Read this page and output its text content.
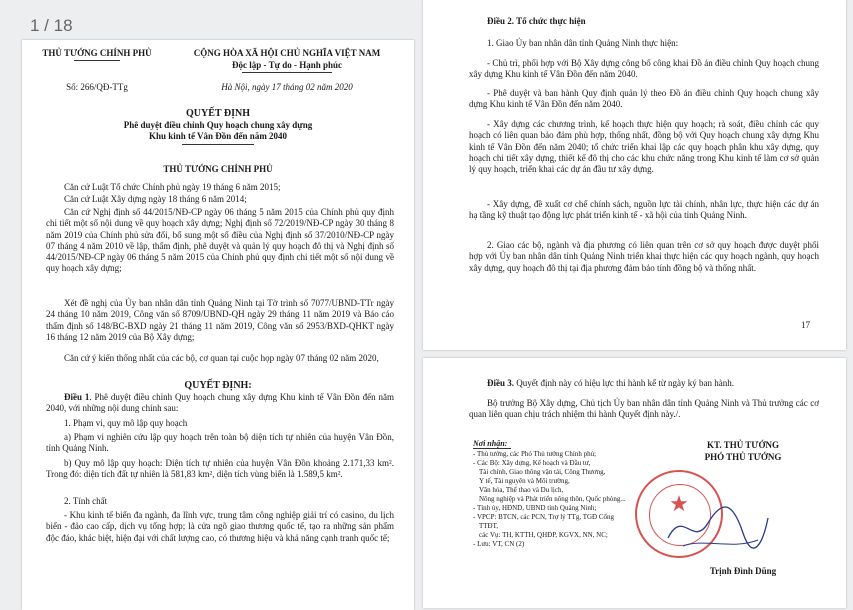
1 / 18
THỦ TƯỚNG CHÍNH PHỦ	CỘNG HÒA XÃ HỘI CHỦ NGHĨA VIỆT NAM
Độc lập - Tự do - Hạnh phúc
Số: 266/QĐ-TTg	Hà Nội, ngày 17 tháng 02 năm 2020
QUYẾT ĐỊNH
Phê duyệt điều chỉnh Quy hoạch chung xây dựng
Khu kinh tế Vân Đồn đến năm 2040
THỦ TƯỚNG CHÍNH PHỦ
Căn cứ Luật Tổ chức Chính phủ ngày 19 tháng 6 năm 2015;
Căn cứ Luật Xây dựng ngày 18 tháng 6 năm 2014;
Căn cứ Nghị định số 44/2015/NĐ-CP ngày 06 tháng 5 năm 2015 của Chính phủ quy định chi tiết một số nội dung về quy hoạch xây dựng; Nghị định số 72/2019/NĐ-CP ngày 30 tháng 8 năm 2019 của Chính phủ sửa đổi, bổ sung một số điều của Nghị định số 37/2010/NĐ-CP ngày 07 tháng 4 năm 2010 về lập, thẩm định, phê duyệt và quản lý quy hoạch đô thị và Nghị định số 44/2015/NĐ-CP ngày 06 tháng 5 năm 2015 của Chính phủ quy định chi tiết một số nội dung về quy hoạch xây dựng;
Xét đề nghị của Ủy ban nhân dân tỉnh Quảng Ninh tại Tờ trình số 7077/UBND-TTr ngày 24 tháng 10 năm 2019, Công văn số 8709/UBND-QH ngày 29 tháng 11 năm 2019 và Báo cáo thẩm định số 148/BC-BXD ngày 21 tháng 11 năm 2019, Công văn số 2953/BXD-QHKT ngày 16 tháng 12 năm 2019 của Bộ Xây dựng;
Căn cứ ý kiến thống nhất của các bộ, cơ quan tại cuộc họp ngày 07 tháng 02 năm 2020,
QUYẾT ĐỊNH:
Điều 1. Phê duyệt điều chỉnh Quy hoạch chung xây dựng Khu kinh tế Vân Đồn đến năm 2040, với những nội dung chính sau:
1. Phạm vi, quy mô lập quy hoạch
a) Phạm vi nghiên cứu lập quy hoạch trên toàn bộ diện tích tự nhiên của huyện Vân Đồn, tỉnh Quảng Ninh.
b) Quy mô lập quy hoạch: Diện tích tự nhiên của huyện Vân Đồn khoảng 2.171,33 km². Trong đó: diện tích đất tự nhiên là 581,83 km², diện tích vùng biển là 1.589,5 km².
2. Tính chất
- Khu kinh tế biển đa ngành, đa lĩnh vực, trung tâm công nghiệp giải trí có casino, du lịch biển - đảo cao cấp, dịch vụ tổng hợp; là cửa ngõ giao thương quốc tế, tạo ra những sản phẩm độc đáo, khác biệt, hiện đại với chất lượng cao, có thương hiệu và khả năng cạnh tranh quốc tế;
Điều 2. Tổ chức thực hiện
1. Giao Ủy ban nhân dân tỉnh Quảng Ninh thực hiện:
- Chủ trì, phối hợp với Bộ Xây dựng công bố công khai Đồ án điều chỉnh Quy hoạch chung xây dựng Khu kinh tế Vân Đồn đến năm 2040.
- Phê duyệt và ban hành Quy định quản lý theo Đồ án điều chỉnh Quy hoạch chung xây dựng Khu kinh tế Vân Đồn đến năm 2040.
- Xây dựng các chương trình, kế hoạch thực hiện quy hoạch; rà soát, điều chỉnh các quy hoạch có liên quan bảo đảm phù hợp, thống nhất, đồng bộ với Quy hoạch chung xây dựng Khu kinh tế Vân Đồn đến năm 2040; tổ chức triển khai lập các quy hoạch phân khu xây dựng, quy hoạch chi tiết xây dựng, thiết kế đô thị cho các khu chức năng trong Khu kinh tế làm cơ sở quản lý quy hoạch, triển khai các dự án đầu tư xây dựng.
- Xây dựng, đề xuất cơ chế chính sách, nguồn lực tài chính, nhân lực, thực hiện các dự án hạ tầng kỹ thuật tạo động lực phát triển kinh tế - xã hội của tỉnh Quảng Ninh.
2. Giao các bộ, ngành và địa phương có liên quan trên cơ sở quy hoạch được duyệt phối hợp với Ủy ban nhân dân tỉnh Quảng Ninh triển khai thực hiện các quy hoạch ngành, quy hoạch xây dựng, quy hoạch đô thị tại địa phương đảm bảo tính đồng bộ và thống nhất.
17
Điều 3. Quyết định này có hiệu lực thi hành kể từ ngày ký ban hành.
Bộ trưởng Bộ Xây dựng, Chủ tịch Ủy ban nhân dân tỉnh Quảng Ninh và Thủ trưởng các cơ quan liên quan chịu trách nhiệm thi hành Quyết định này./.
Nơi nhận:
- Thủ tướng, các Phó Thủ tướng Chính phủ;
- Các Bộ: Xây dựng, Kế hoạch và Đầu tư,
Tài chính, Giao thông vận tải, Công Thương,
Y tế, Tài nguyên và Môi trường,
Văn hóa, Thể thao và Du lịch,
Nông nghiệp và Phát triển nông thôn, Quốc phòng...
- Tỉnh ủy, HĐND, UBND tỉnh Quảng Ninh;
- VPCP: BTCN, các PCN, Trợ lý TTg, TGĐ Cổng
TTĐT,
các Vụ: TH, KTTH, QHĐP, KGVX, NN, NC;
- Lưu: VT, CN (2)
KT. THỦ TƯỚNG
PHÓ THỦ TƯỚNG
★
Trịnh Đình Dũng
